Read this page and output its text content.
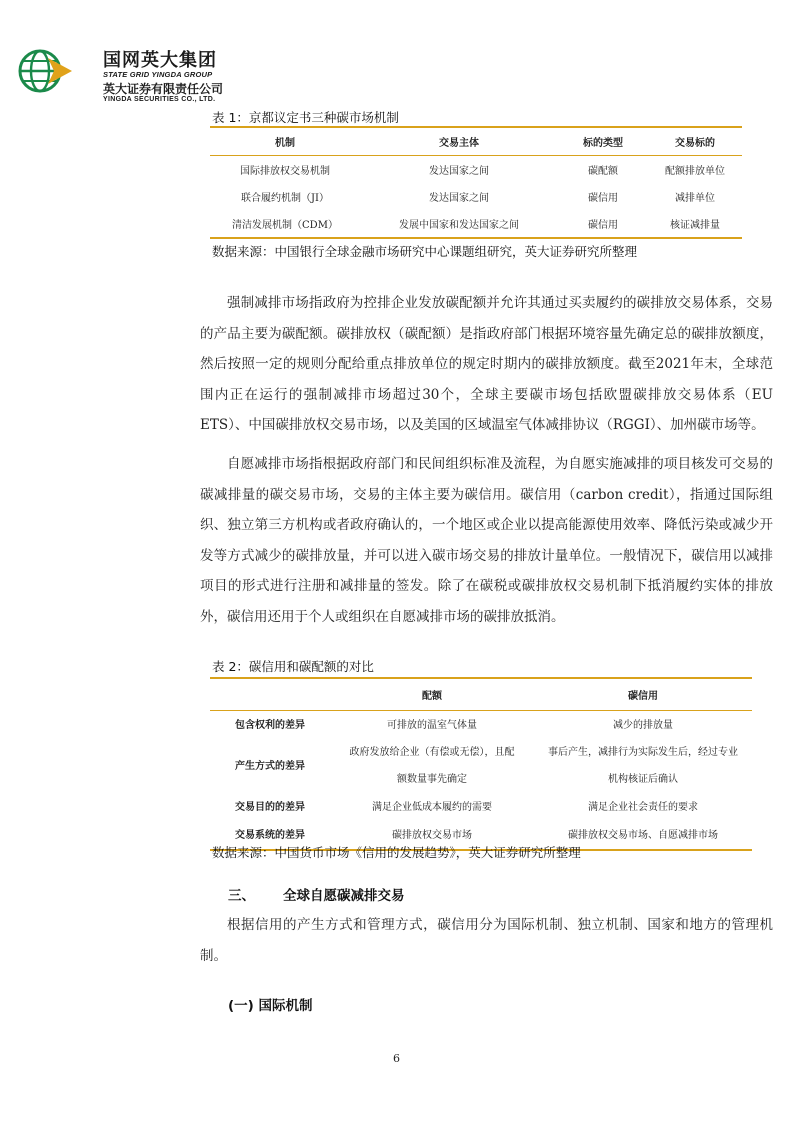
国网英大集团
STATE GRID YINGDA GROUP
英大证券有限责任公司
YINGDA SECURITIES CO., LTD.
表 1：京都议定书三种碳市场机制
机制	交易主体	标的类型	交易标的
国际排放权交易机制	发达国家之间	碳配额	配额排放单位
联合履约机制（JI）	发达国家之间	碳信用	减排单位
清洁发展机制（CDM）	发展中国家和发达国家之间	碳信用	核证减排量
数据来源：中国银行全球金融市场研究中心课题组研究，英大证券研究所整理

强制减排市场指政府为控排企业发放碳配额并允许其通过买卖履约的碳排放交易体系，交易的产品主要为碳配额。碳排放权（碳配额）是指政府部门根据环境容量先确定总的碳排放额度，然后按照一定的规则分配给重点排放单位的规定时期内的碳排放额度。截至2021年末，全球范围内正在运行的强制减排市场超过30个，全球主要碳市场包括欧盟碳排放交易体系（EU ETS）、中国碳排放权交易市场，以及美国的区域温室气体减排协议（RGGI）、加州碳市场等。

自愿减排市场指根据政府部门和民间组织标准及流程，为自愿实施减排的项目核发可交易的碳减排量的碳交易市场，交易的主体主要为碳信用。碳信用（carbon credit），指通过国际组织、独立第三方机构或者政府确认的，一个地区或企业以提高能源使用效率、降低污染或减少开发等方式减少的碳排放量，并可以进入碳市场交易的排放计量单位。一般情况下，碳信用以减排项目的形式进行注册和减排量的签发。除了在碳税或碳排放权交易机制下抵消履约实体的排放外，碳信用还用于个人或组织在自愿减排市场的碳排放抵消。

表 2：碳信用和碳配额的对比
	配额	碳信用
包含权利的差异	可排放的温室气体量	减少的排放量
产生方式的差异	政府发放给企业（有偿或无偿），且配额数量事先确定	事后产生，减排行为实际发生后，经过专业机构核证后确认
交易目的的差异	满足企业低成本履约的需要	满足企业社会责任的要求
交易系统的差异	碳排放权交易市场	碳排放权交易市场、自愿减排市场
数据来源：中国货币市场《信用的发展趋势》，英大证券研究所整理
三、 全球自愿碳减排交易

根据信用的产生方式和管理方式，碳信用分为国际机制、独立机制、国家和地方的管理机制。

(一) 国际机制
6
